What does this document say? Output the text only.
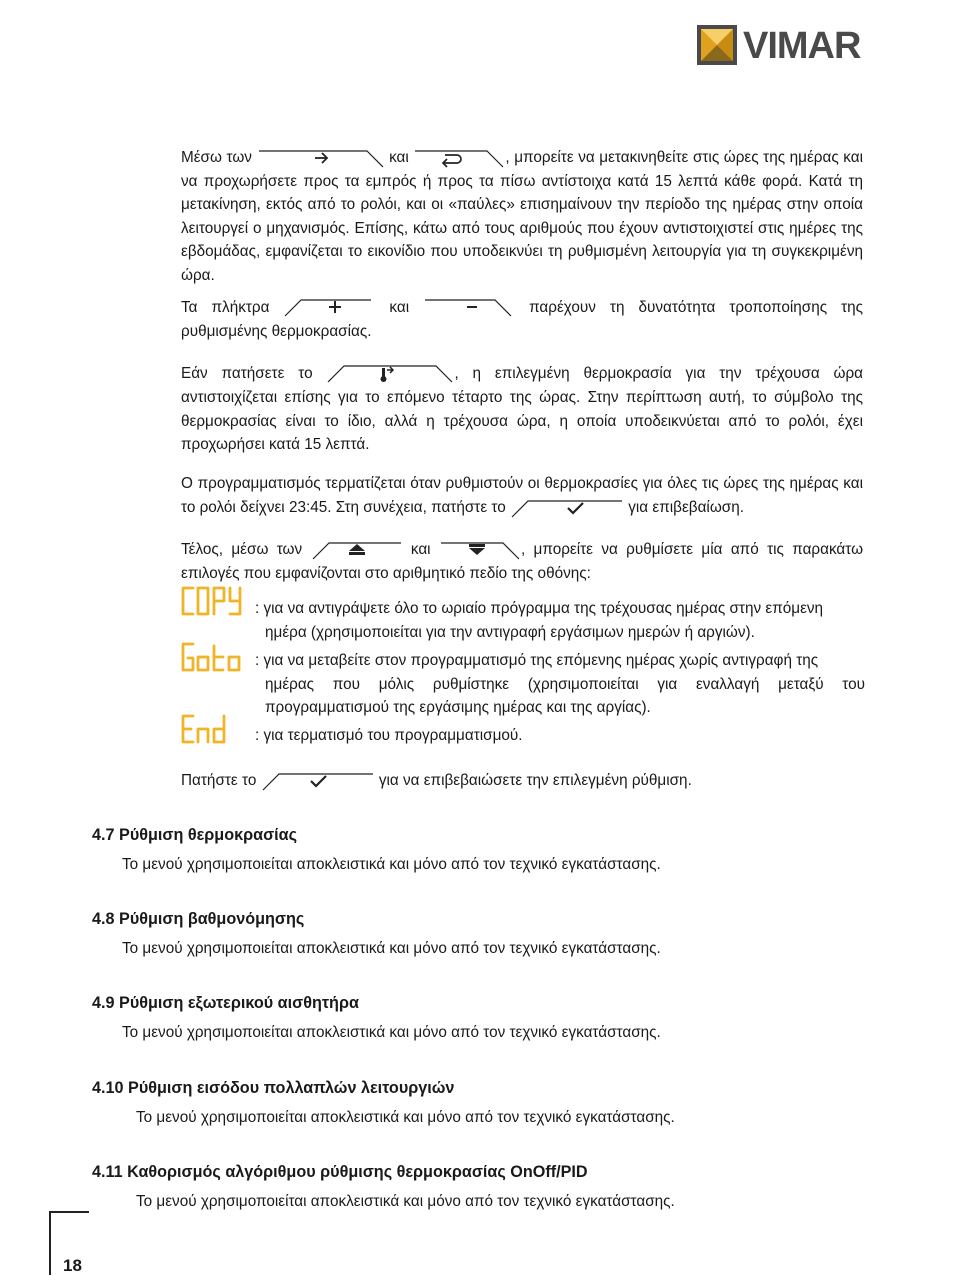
VIMAR

Μέσω των	και	, μπορείτε να μετακινηθείτε στις ώρες της ημέρας και να προχωρήσετε προς τα εμπρός ή προς τα πίσω αντίστοιχα κατά 15 λεπτά κάθε φορά. Κατά τη μετακίνηση, εκτός από το ρολόι, και οι «παύλες» επισημαίνουν την περίοδο της ημέρας στην οποία λειτουργεί ο μηχανισμός. Επίσης, κάτω από τους αριθμούς που έχουν αντιστοιχιστεί στις ημέρες της εβδομάδας, εμφανίζεται το εικονίδιο που υποδεικνύει τη ρυθμισμένη λειτουργία για τη συγκεκριμένη ώρα.

Τα πλήκτρα	και	παρέχουν τη δυνατότητα τροποποίησης της ρυθμισμένης θερμοκρασίας.

Εάν πατήσετε το	, η επιλεγμένη θερμοκρασία για την τρέχουσα ώρα αντιστοιχίζεται επίσης για το επόμενο τέταρτο της ώρας. Στην περίπτωση αυτή, το σύμβολο της θερμοκρασίας είναι το ίδιο, αλλά η τρέχουσα ώρα, η οποία υποδεικνύεται από το ρολόι, έχει προχωρήσει κατά 15 λεπτά.

Ο προγραμματισμός τερματίζεται όταν ρυθμιστούν οι θερμοκρασίες για όλες τις ώρες της ημέρας και το ρολόι δείχνει 23:45. Στη συνέχεια, πατήστε το	για επιβεβαίωση.

Τέλος, μέσω των	και	, μπορείτε να ρυθμίσετε μία από τις παρακάτω επιλογές που εμφανίζονται στο αριθμητικό πεδίο της οθόνης:

: για να αντιγράψετε όλο το ωριαίο πρόγραμμα της τρέχουσας ημέρας στην επόμενη
ημέρα (χρησιμοποιείται για την αντιγραφή εργάσιμων ημερών ή αργιών).

: για να μεταβείτε στον προγραμματισμό της επόμενης ημέρας χωρίς αντιγραφή της
ημέρας που μόλις ρυθμίστηκε (χρησιμοποιείται για εναλλαγή μεταξύ του προγραμματισμού της εργάσιμης ημέρας και της αργίας).

: για τερματισμό του προγραμματισμού.

Πατήστε το	για να επιβεβαιώσετε την επιλεγμένη ρύθμιση.

4.7 Ρύθμιση θερμοκρασίας

Το μενού χρησιμοποιείται αποκλειστικά και μόνο από τον τεχνικό εγκατάστασης.

4.8 Ρύθμιση βαθμονόμησης

Το μενού χρησιμοποιείται αποκλειστικά και μόνο από τον τεχνικό εγκατάστασης.

4.9 Ρύθμιση εξωτερικού αισθητήρα

Το μενού χρησιμοποιείται αποκλειστικά και μόνο από τον τεχνικό εγκατάστασης.

4.10 Ρύθμιση εισόδου πολλαπλών λειτουργιών

Το μενού χρησιμοποιείται αποκλειστικά και μόνο από τον τεχνικό εγκατάστασης.

4.11 Καθορισμός αλγόριθμου ρύθμισης θερμοκρασίας OnOff/PID

Το μενού χρησιμοποιείται αποκλειστικά και μόνο από τον τεχνικό εγκατάστασης.

18
